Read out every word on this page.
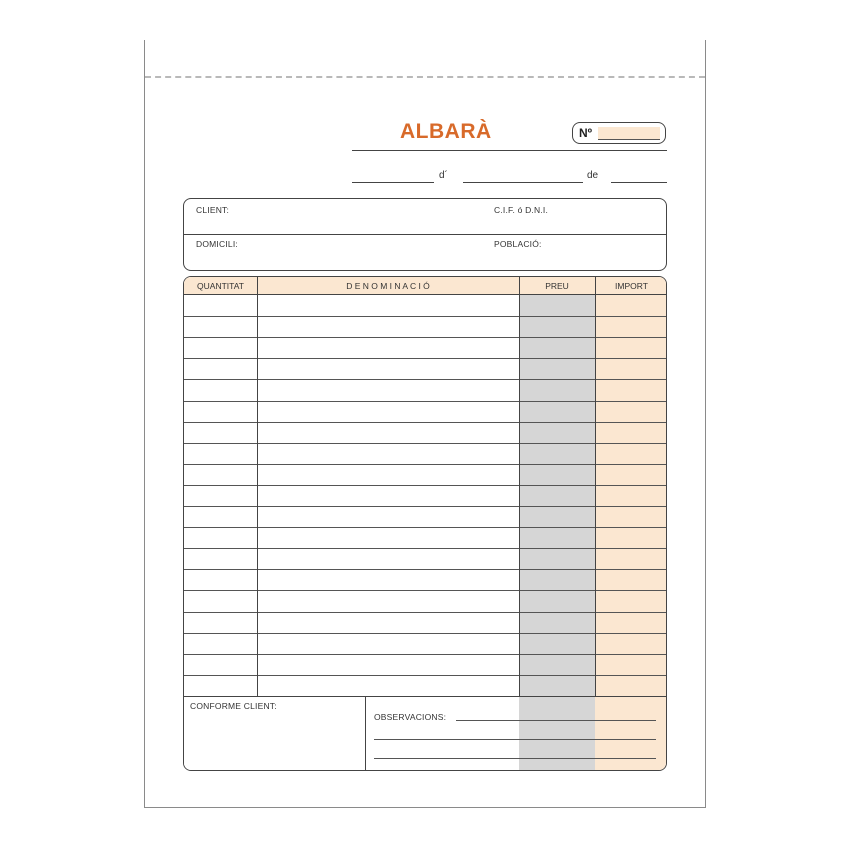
ALBARÀ	Nº
d´	de
CLIENT:	C.I.F. ó D.N.I.
DOMICILI:	POBLACIÓ:
QUANTITAT	D E N O M I N A C I Ó	PREU	IMPORT
CONFORME CLIENT:
OBSERVACIONS:
